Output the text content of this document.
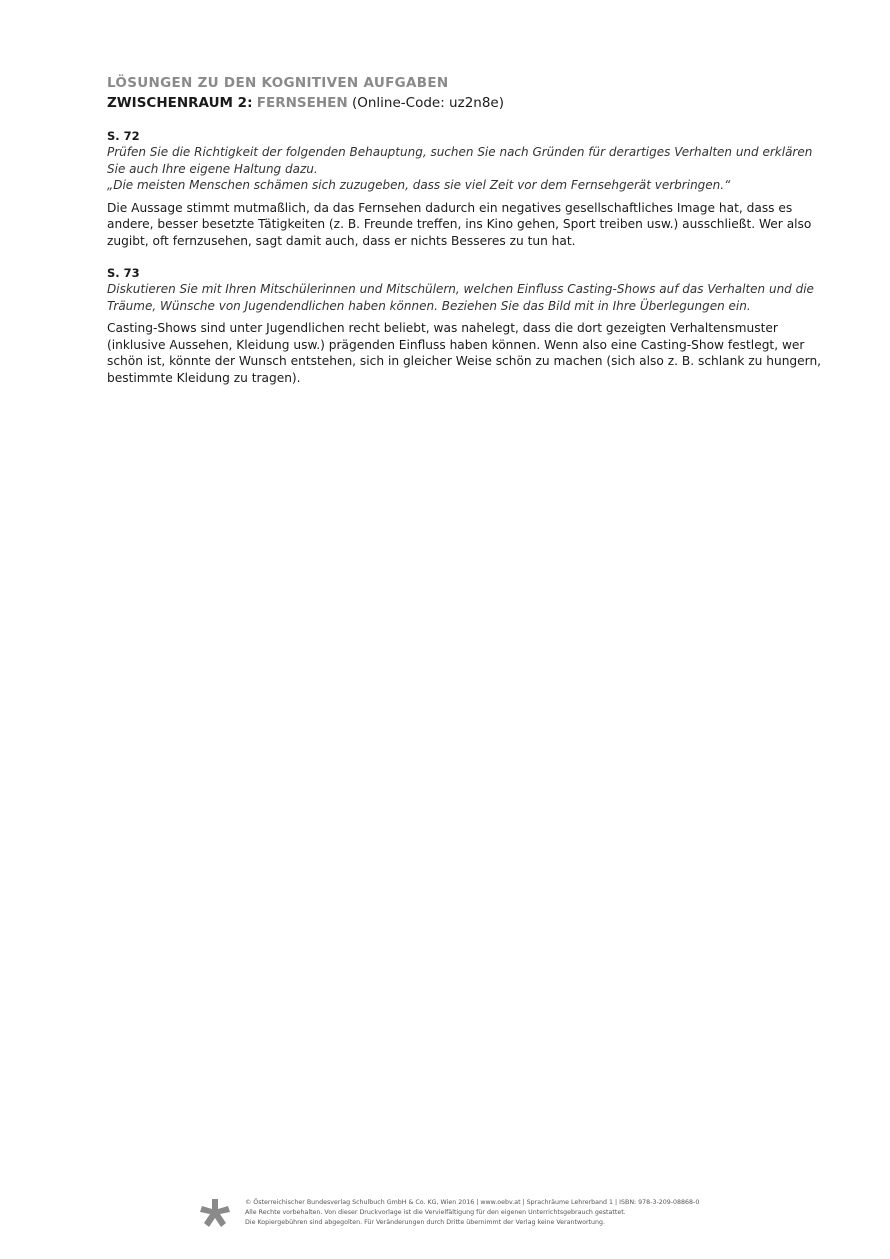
LÖSUNGEN ZU DEN KOGNITIVEN AUFGABEN

ZWISCHENRAUM 2: FERNSEHEN (Online-Code: uz2n8e)

S. 72

Prüfen Sie die Richtigkeit der folgenden Behauptung, suchen Sie nach Gründen für derartiges Verhalten und erklären Sie auch Ihre eigene Haltung dazu.

„Die meisten Menschen schämen sich zuzugeben, dass sie viel Zeit vor dem Fernsehgerät verbringen.“

Die Aussage stimmt mutmaßlich, da das Fernsehen dadurch ein negatives gesellschaftliches Image hat, dass es andere, besser besetzte Tätigkeiten (z. B. Freunde treffen, ins Kino gehen, Sport treiben usw.) ausschließt. Wer also zugibt, oft fernzusehen, sagt damit auch, dass er nichts Besseres zu tun hat.

S. 73

Diskutieren Sie mit Ihren Mitschülerinnen und Mitschülern, welchen Einfluss Casting-Shows auf das Verhalten und die Träume, Wünsche von Jugendendlichen haben können. Beziehen Sie das Bild mit in Ihre Überlegungen ein.

Casting-Shows sind unter Jugendlichen recht beliebt, was nahelegt, dass die dort gezeigten Verhaltensmuster (inklusive Aussehen, Kleidung usw.) prägenden Einfluss haben können. Wenn also eine Casting-Show festlegt, wer schön ist, könnte der Wunsch entstehen, sich in gleicher Weise schön zu machen (sich also z. B. schlank zu hungern, bestimmte Kleidung zu tragen).

© Österreichischer Bundesverlag Schulbuch GmbH & Co. KG, Wien 2016 | www.oebv.at | Sprachräume Lehrerband 1 | ISBN: 978-3-209-08868-0
Alle Rechte vorbehalten. Von dieser Druckvorlage ist die Vervielfältigung für den eigenen Unterrichtsgebrauch gestattet.
Die Kopiergebühren sind abgegolten. Für Veränderungen durch Dritte übernimmt der Verlag keine Verantwortung.
